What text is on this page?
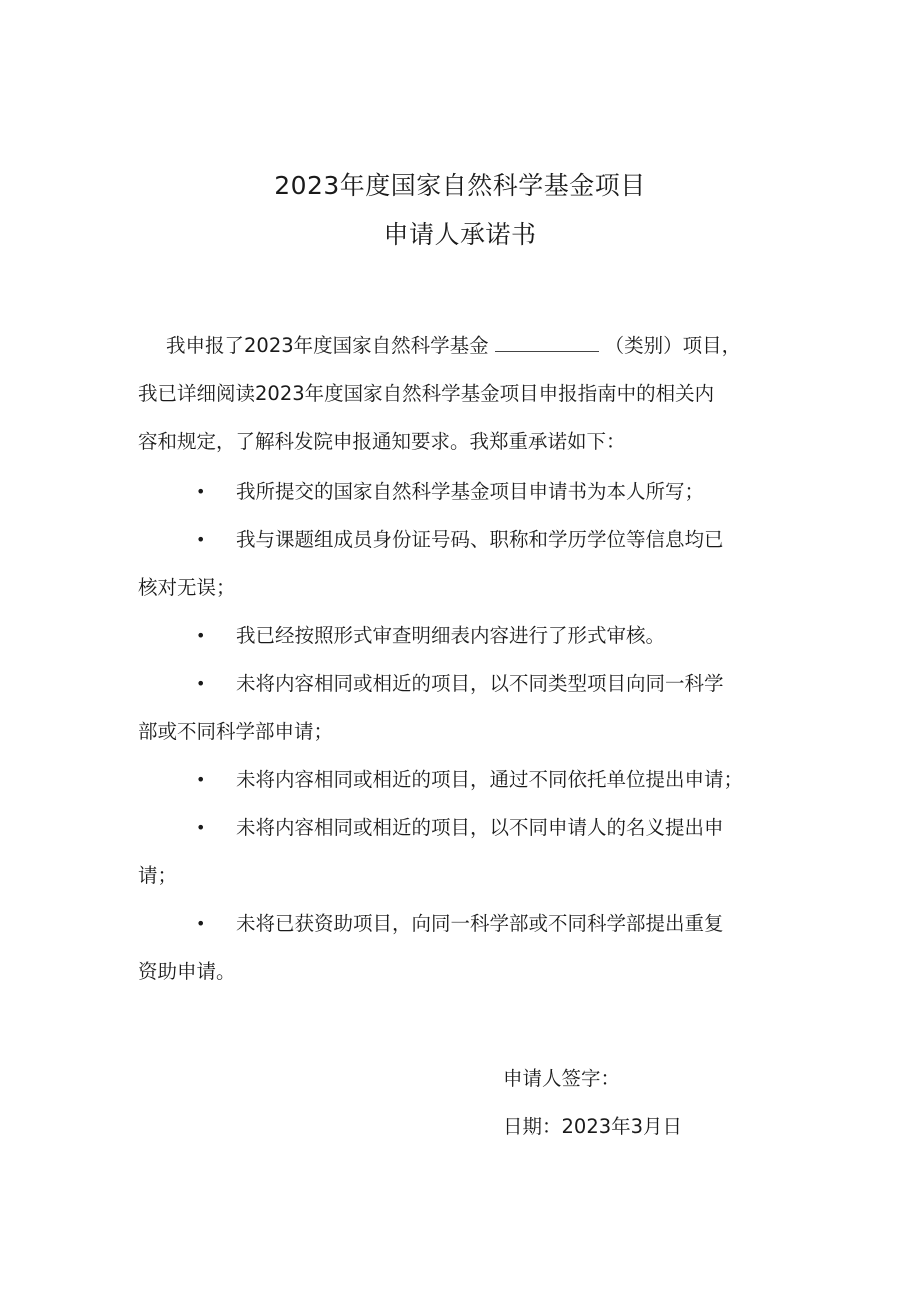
2023年度国家自然科学基金项目
申请人承诺书
我申报了2023年度国家自然科学基金	（类别）项目，
我已详细阅读2023年度国家自然科学基金项目申报指南中的相关内
容和规定，了解科发院申报通知要求。我郑重承诺如下：
• 我所提交的国家自然科学基金项目申请书为本人所写；
• 我与课题组成员身份证号码、职称和学历学位等信息均已
核对无误；
• 我已经按照形式审查明细表内容进行了形式审核。
• 未将内容相同或相近的项目，以不同类型项目向同一科学
部或不同科学部申请；
• 未将内容相同或相近的项目，通过不同依托单位提出申请；
• 未将内容相同或相近的项目，以不同申请人的名义提出申
请；
• 未将已获资助项目，向同一科学部或不同科学部提出重复
资助申请。
申请人签字：
日期：2023年3月日
